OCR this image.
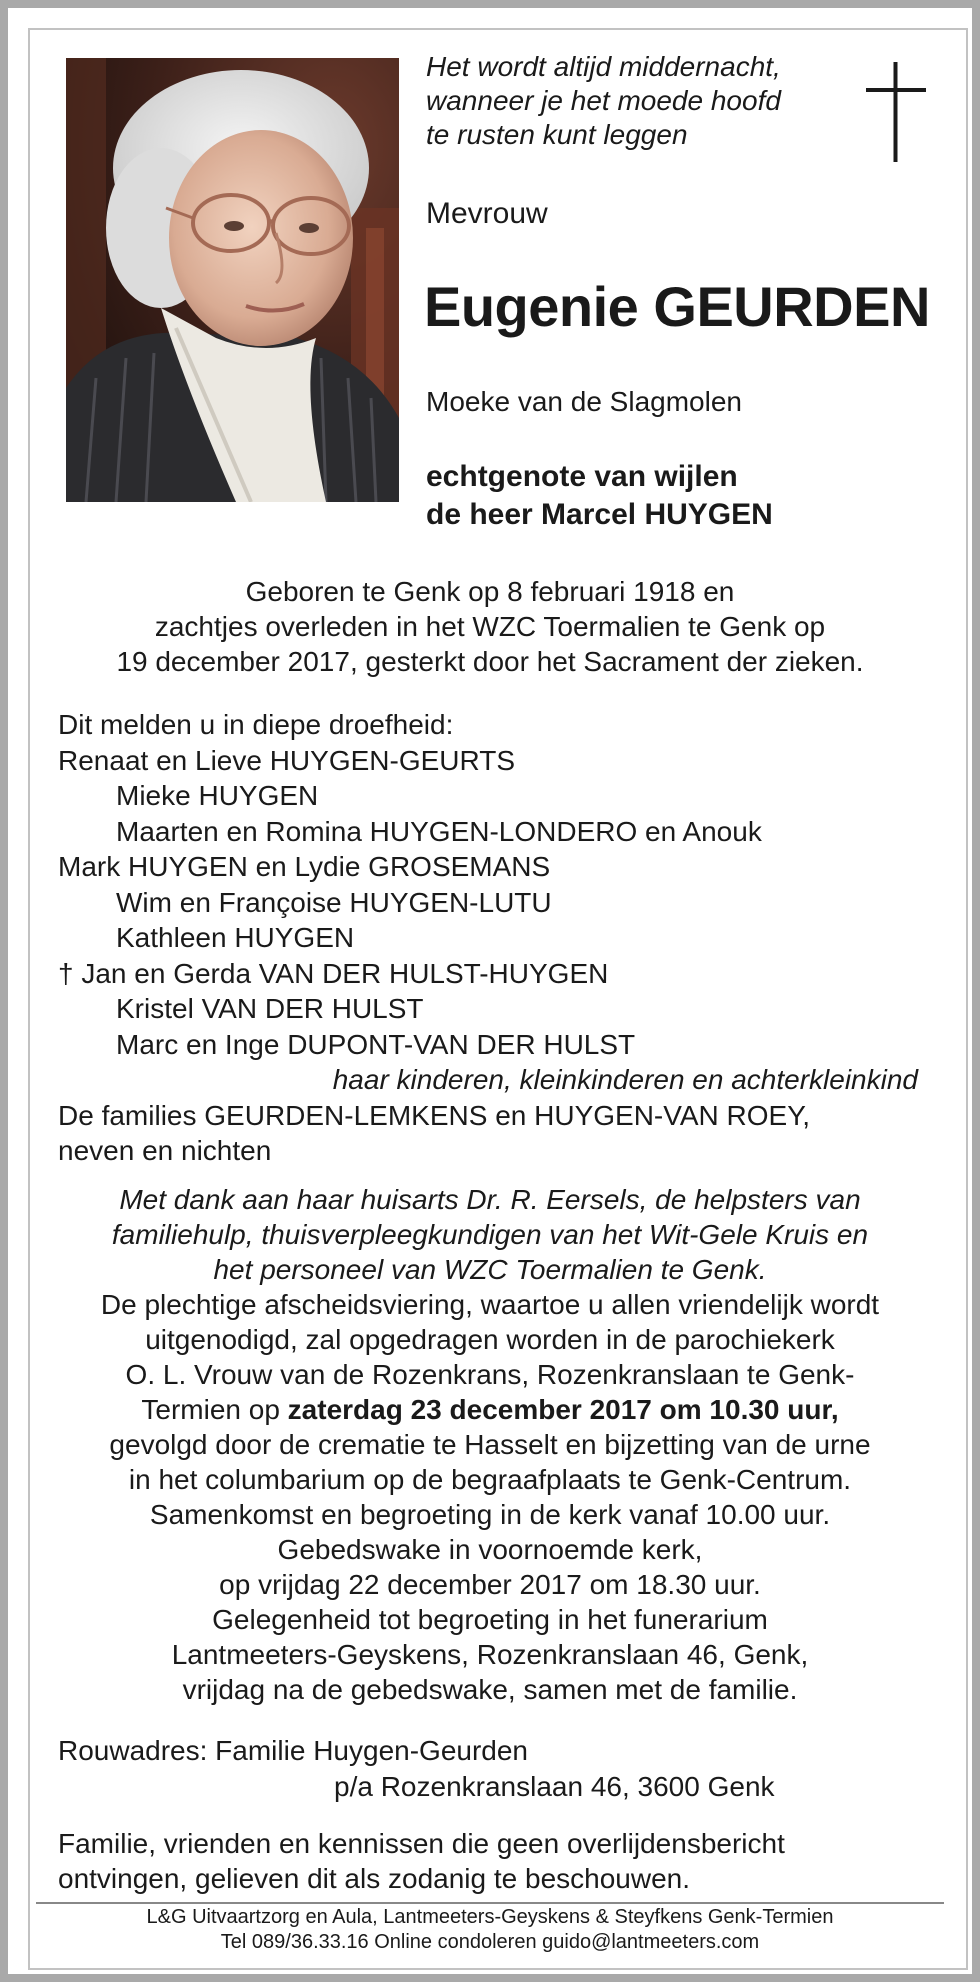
Het wordt altijd middernacht,
wanneer je het moede hoofd
te rusten kunt leggen
Mevrouw
Eugenie GEURDEN
Moeke van de Slagmolen
echtgenote van wijlen
de heer Marcel HUYGEN
Geboren te Genk op 8 februari 1918 en
zachtjes overleden in het WZC Toermalien te Genk op
19 december 2017, gesterkt door het Sacrament der zieken.
Dit melden u in diepe droefheid:
Renaat en Lieve HUYGEN-GEURTS
Mieke HUYGEN
Maarten en Romina HUYGEN-LONDERO en Anouk
Mark HUYGEN en Lydie GROSEMANS
Wim en Françoise HUYGEN-LUTU
Kathleen HUYGEN
† Jan en Gerda VAN DER HULST-HUYGEN
Kristel VAN DER HULST
Marc en Inge DUPONT-VAN DER HULST
haar kinderen, kleinkinderen en achterkleinkind
De families GEURDEN-LEMKENS en HUYGEN-VAN ROEY,
neven en nichten
Met dank aan haar huisarts Dr. R. Eersels, de helpsters van
familiehulp, thuisverpleegkundigen van het Wit-Gele Kruis en
het personeel van WZC Toermalien te Genk.
De plechtige afscheidsviering, waartoe u allen vriendelijk wordt
uitgenodigd, zal opgedragen worden in de parochiekerk
O. L. Vrouw van de Rozenkrans, Rozenkranslaan te Genk-
Termien op zaterdag 23 december 2017 om 10.30 uur,
gevolgd door de crematie te Hasselt en bijzetting van de urne
in het columbarium op de begraafplaats te Genk-Centrum.
Samenkomst en begroeting in de kerk vanaf 10.00 uur.
Gebedswake in voornoemde kerk,
op vrijdag 22 december 2017 om 18.30 uur.
Gelegenheid tot begroeting in het funerarium
Lantmeeters-Geyskens, Rozenkranslaan 46, Genk,
vrijdag na de gebedswake, samen met de familie.
Rouwadres: Familie Huygen-Geurden
p/a Rozenkranslaan 46, 3600 Genk
Familie, vrienden en kennissen die geen overlijdensbericht
ontvingen, gelieven dit als zodanig te beschouwen.
L&G Uitvaartzorg en Aula, Lantmeeters-Geyskens & Steyfkens Genk-Termien
Tel 089/36.33.16 Online condoleren guido@lantmeeters.com
